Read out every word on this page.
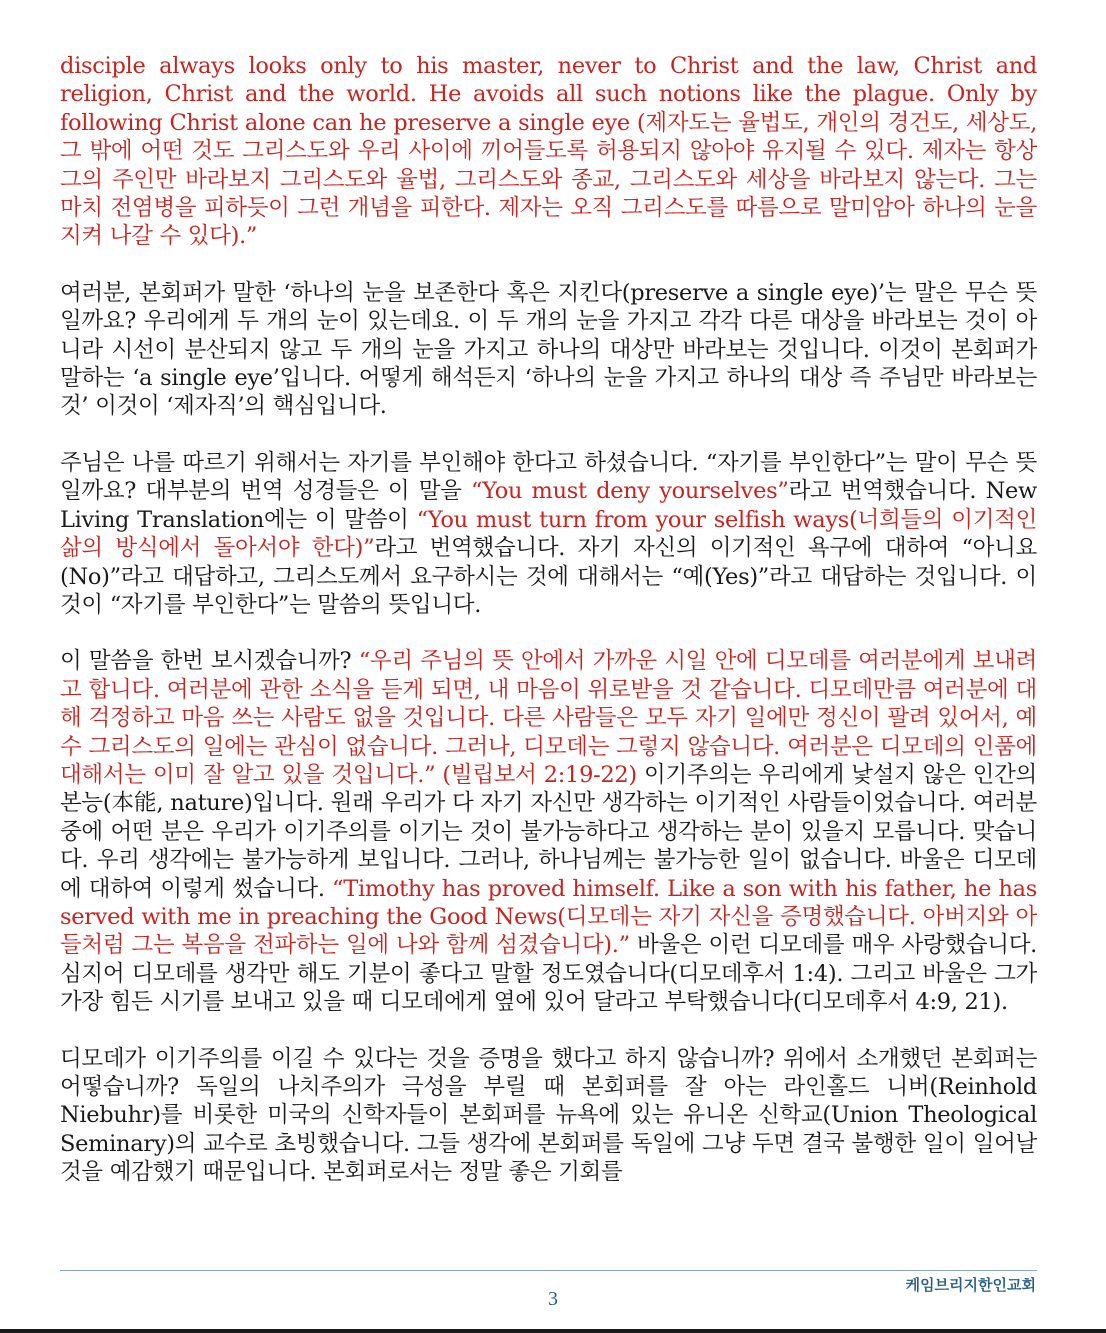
disciple always looks only to his master, never to Christ and the law, Christ and religion, Christ and the world. He avoids all such notions like the plague. Only by following Christ alone can he preserve a single eye (제자도는 율법도, 개인의 경건도, 세상도, 그 밖에 어떤 것도 그리스도와 우리 사이에 끼어들도록 허용되지 않아야 유지될 수 있다. 제자는 항상 그의 주인만 바라보지 그리스도와 율법, 그리스도와 종교, 그리스도와 세상을 바라보지 않는다. 그는 마치 전염병을 피하듯이 그런 개념을 피한다. 제자는 오직 그리스도를 따름으로 말미암아 하나의 눈을 지켜 나갈 수 있다).”

여러분, 본회퍼가 말한 ‘하나의 눈을 보존한다 혹은 지킨다(preserve a single eye)’는 말은 무슨 뜻일까요? 우리에게 두 개의 눈이 있는데요. 이 두 개의 눈을 가지고 각각 다른 대상을 바라보는 것이 아니라 시선이 분산되지 않고 두 개의 눈을 가지고 하나의 대상만 바라보는 것입니다. 이것이 본회퍼가 말하는 ‘a single eye’입니다. 어떻게 해석든지 ‘하나의 눈을 가지고 하나의 대상 즉 주님만 바라보는 것’ 이것이 ‘제자직’의 핵심입니다.

주님은 나를 따르기 위해서는 자기를 부인해야 한다고 하셨습니다. “자기를 부인한다”는 말이 무슨 뜻일까요? 대부분의 번역 성경들은 이 말을 “You must deny yourselves”라고 번역했습니다. New Living Translation에는 이 말씀이 “You must turn from your selfish ways(너희들의 이기적인 삶의 방식에서 돌아서야 한다)”라고 번역했습니다. 자기 자신의 이기적인 욕구에 대하여 “아니요(No)”라고 대답하고, 그리스도께서 요구하시는 것에 대해서는 “예(Yes)”라고 대답하는 것입니다. 이것이 “자기를 부인한다”는 말씀의 뜻입니다.

이 말씀을 한번 보시겠습니까? “우리 주님의 뜻 안에서 가까운 시일 안에 디모데를 여러분에게 보내려고 합니다. 여러분에 관한 소식을 듣게 되면, 내 마음이 위로받을 것 같습니다. 디모데만큼 여러분에 대해 걱정하고 마음 쓰는 사람도 없을 것입니다. 다른 사람들은 모두 자기 일에만 정신이 팔려 있어서, 예수 그리스도의 일에는 관심이 없습니다. 그러나, 디모데는 그렇지 않습니다. 여러분은 디모데의 인품에 대해서는 이미 잘 알고 있을 것입니다.” (빌립보서 2:19-22) 이기주의는 우리에게 낯설지 않은 인간의 본능(本能, nature)입니다. 원래 우리가 다 자기 자신만 생각하는 이기적인 사람들이었습니다. 여러분 중에 어떤 분은 우리가 이기주의를 이기는 것이 불가능하다고 생각하는 분이 있을지 모릅니다. 맞습니다. 우리 생각에는 불가능하게 보입니다. 그러나, 하나님께는 불가능한 일이 없습니다. 바울은 디모데에 대하여 이렇게 썼습니다. “Timothy has proved himself. Like a son with his father, he has served with me in preaching the Good News(디모데는 자기 자신을 증명했습니다. 아버지와 아들처럼 그는 복음을 전파하는 일에 나와 함께 섬겼습니다).” 바울은 이런 디모데를 매우 사랑했습니다. 심지어 디모데를 생각만 해도 기분이 좋다고 말할 정도였습니다(디모데후서 1:4). 그리고 바울은 그가 가장 힘든 시기를 보내고 있을 때 디모데에게 옆에 있어 달라고 부탁했습니다(디모데후서 4:9, 21).

디모데가 이기주의를 이길 수 있다는 것을 증명을 했다고 하지 않습니까? 위에서 소개했던 본회퍼는 어떻습니까? 독일의 나치주의가 극성을 부릴 때 본회퍼를 잘 아는 라인홀드 니버(Reinhold Niebuhr)를 비롯한 미국의 신학자들이 본회퍼를 뉴욕에 있는 유니온 신학교(Union Theological Seminary)의 교수로 초빙했습니다. 그들 생각에 본회퍼를 독일에 그냥 두면 결국 불행한 일이 일어날 것을 예감했기 때문입니다. 본회퍼로서는 정말 좋은 기회를

케임브리지한인교회
3
